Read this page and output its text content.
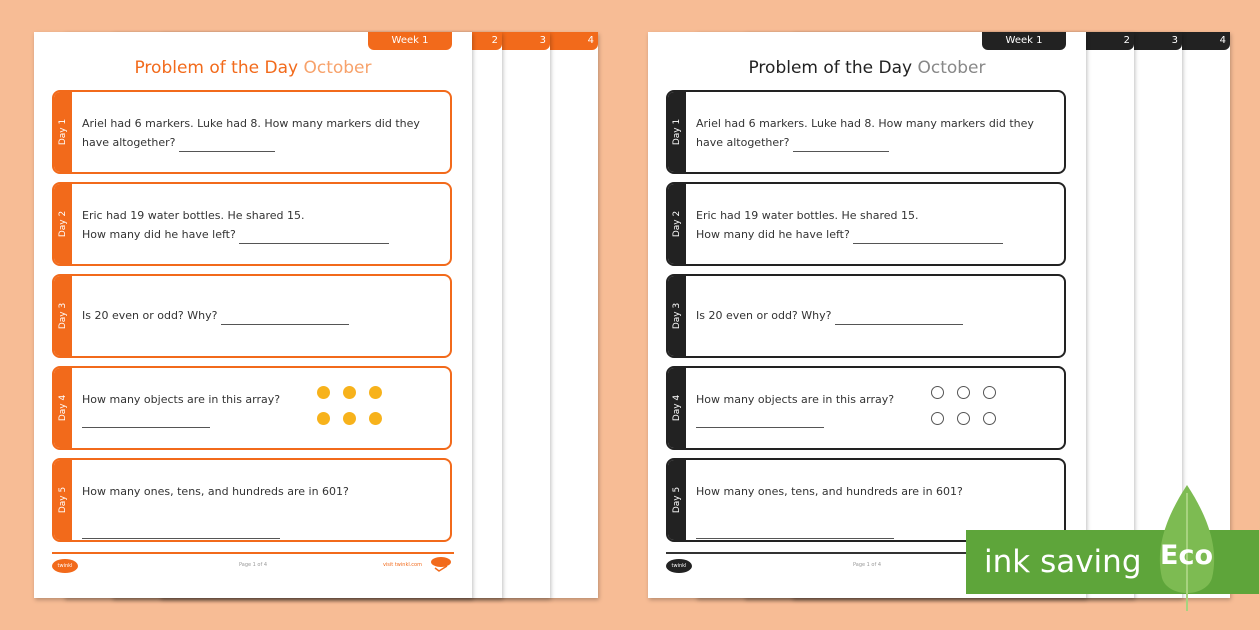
4
3
2
Week 1
Problem of the Day October
Day 1 Ariel had 6 markers. Luke had 8. How many markers did they
have altogether?
Day 2 Eric had 19 water bottles. He shared 15.
How many did he have left?
Day 3 Is 20 even or odd? Why?
Day 4 How many objects are in this array?

Day 5 How many ones, tens, and hundreds are in 601?

twinkl	Page 1 of 4	visit twinkl.com
4
3
2
Week 1
Problem of the Day October
Day 1 Ariel had 6 markers. Luke had 8. How many markers did they
have altogether?
Day 2 Eric had 19 water bottles. He shared 15.
How many did he have left?
Day 3 Is 20 even or odd? Why?
Day 4 How many objects are in this array?

Day 5 How many ones, tens, and hundreds are in 601?

twinkl	Page 1 of 4	ink saving Eco
